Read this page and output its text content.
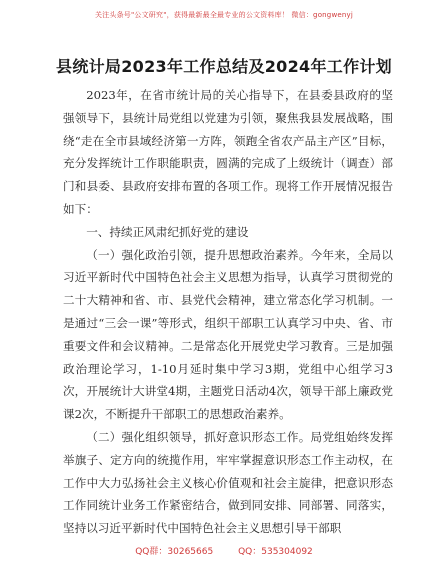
关注头条号"公文研究"，获得最新最全最专业的公文资料库！ 微信：gongwenyj
县统计局2023年工作总结及2024年工作计划

2023年，在省市统计局的关心指导下，在县委县政府的坚强领导下，县统计局党组以党建为引领，聚焦我县发展战略，围绕“走在全市县域经济第一方阵，领跑全省农产品主产区”目标，充分发挥统计工作职能职责，圆满的完成了上级统计（调查）部门和县委、县政府安排布置的各项工作。现将工作开展情况报告如下：

一、持续正风肃纪抓好党的建设

（一）强化政治引领，提升思想政治素养。今年来，全局以习近平新时代中国特色社会主义思想为指导，认真学习贯彻党的二十大精神和省、市、县党代会精神，建立常态化学习机制。一是通过“三会一课”等形式，组织干部职工认真学习中央、省、市重要文件和会议精神。二是常态化开展党史学习教育。三是加强政治理论学习，1-10月延时集中学习3期，党组中心组学习3次，开展统计大讲堂4期，主题党日活动4次，领导干部上廉政党课2次，不断提升干部职工的思想政治素养。

（二）强化组织领导，抓好意识形态工作。局党组始终发挥举旗子、定方向的统揽作用，牢牢掌握意识形态工作主动权，在工作中大力弘扬社会主义核心价值观和社会主旋律，把意识形态工作同统计业务工作紧密结合，做到同安排、同部署、同落实，坚持以习近平新时代中国特色社会主义思想引导干部职

QQ群：30265665	QQ：535304092
